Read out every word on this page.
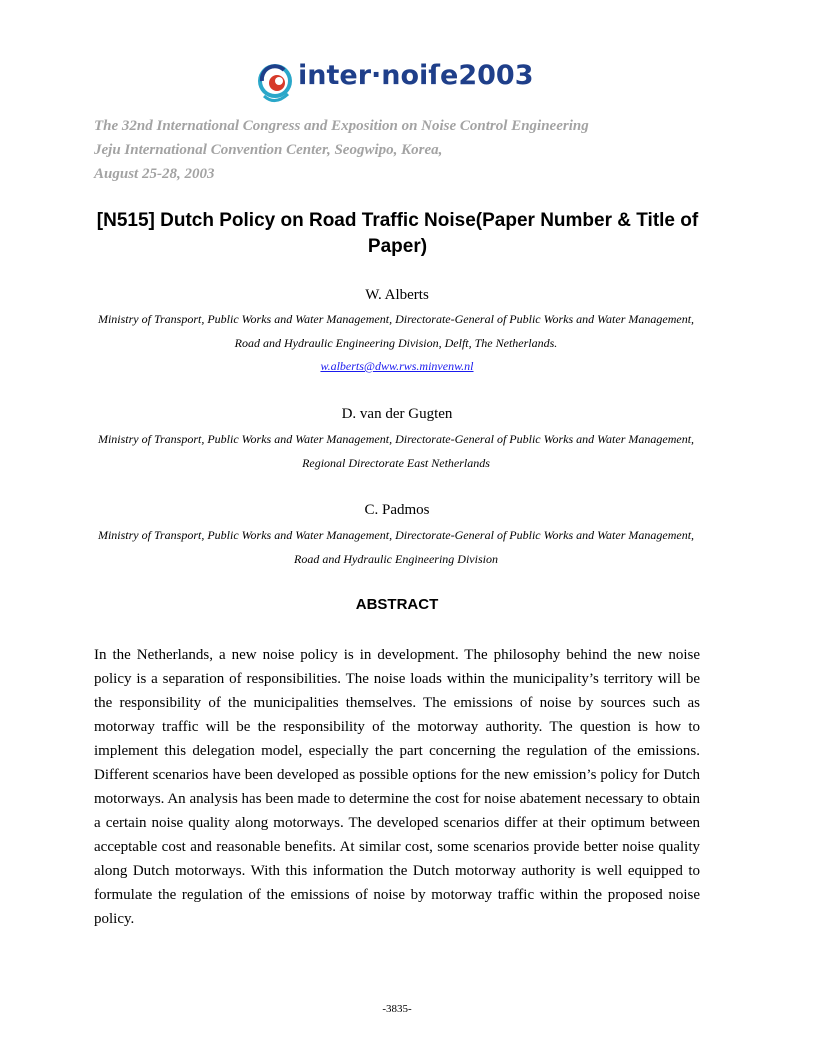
inter·noiſe2003
The 32nd International Congress and Exposition on Noise Control Engineering
Jeju International Convention Center, Seogwipo, Korea,
August 25-28, 2003
[N515] Dutch Policy on Road Traffic Noise(Paper Number & Title of Paper)
W. Alberts
Ministry of Transport, Public Works and Water Management, Directorate-General of Public Works and Water Management, Road and Hydraulic Engineering Division, Delft, The Netherlands.
w.alberts@dww.rws.minvenw.nl
D. van der Gugten
Ministry of Transport, Public Works and Water Management, Directorate-General of Public Works and Water Management, Regional Directorate East Netherlands
C. Padmos
Ministry of Transport, Public Works and Water Management, Directorate-General of Public Works and Water Management, Road and Hydraulic Engineering Division
ABSTRACT
In the Netherlands, a new noise policy is in development. The philosophy behind the new noise policy is a separation of responsibilities. The noise loads within the municipality’s territory will be the responsibility of the municipalities themselves. The emissions of noise by sources such as motorway traffic will be the responsibility of the motorway authority. The question is how to implement this delegation model, especially the part concerning the regulation of the emissions. Different scenarios have been developed as possible options for the new emission’s policy for Dutch motorways. An analysis has been made to determine the cost for noise abatement necessary to obtain a certain noise quality along motorways. The developed scenarios differ at their optimum between acceptable cost and reasonable benefits. At similar cost, some scenarios provide better noise quality along Dutch motorways. With this information the Dutch motorway authority is well equipped to formulate the regulation of the emissions of noise by motorway traffic within the proposed noise policy.
-3835-
